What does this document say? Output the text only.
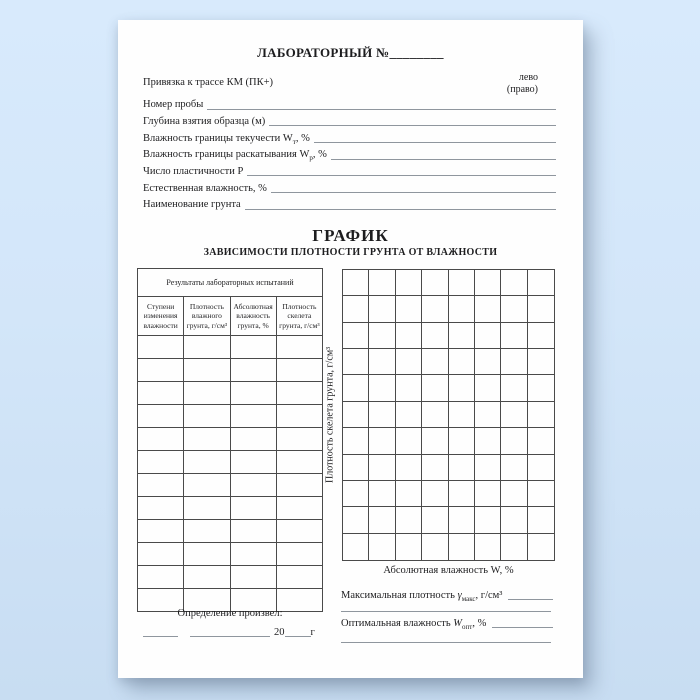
ЛАБОРАТОРНЫЙ №________
Привязка к трассе КМ (ПК+)	лево
(право)
Номер пробы
Глубина взятия образца (м)
Влажность границы текучести $W_т$, %
Влажность границы раскатывания $W_р$, %
Число пластичности Р
Естественная влажность, %
Наименование грунта
ГРАФИК
ЗАВИСИМОСТИ ПЛОТНОСТИ ГРУНТА ОТ ВЛАЖНОСТИ
Результаты лабораторных испытаний			
Ступени изменения влажности	Плотность влажного грунта, г/см³	Абсолютная влажность грунта, %	Плотность скелета грунта, г/см³

Определение произвел:
20 г
Плотность скелета грунта, г/см³
Абсолютная влажность W, %
Максимальная плотность $\gamma_{макс}$, г/см³
Оптимальная влажность $W_{опт}$, %
